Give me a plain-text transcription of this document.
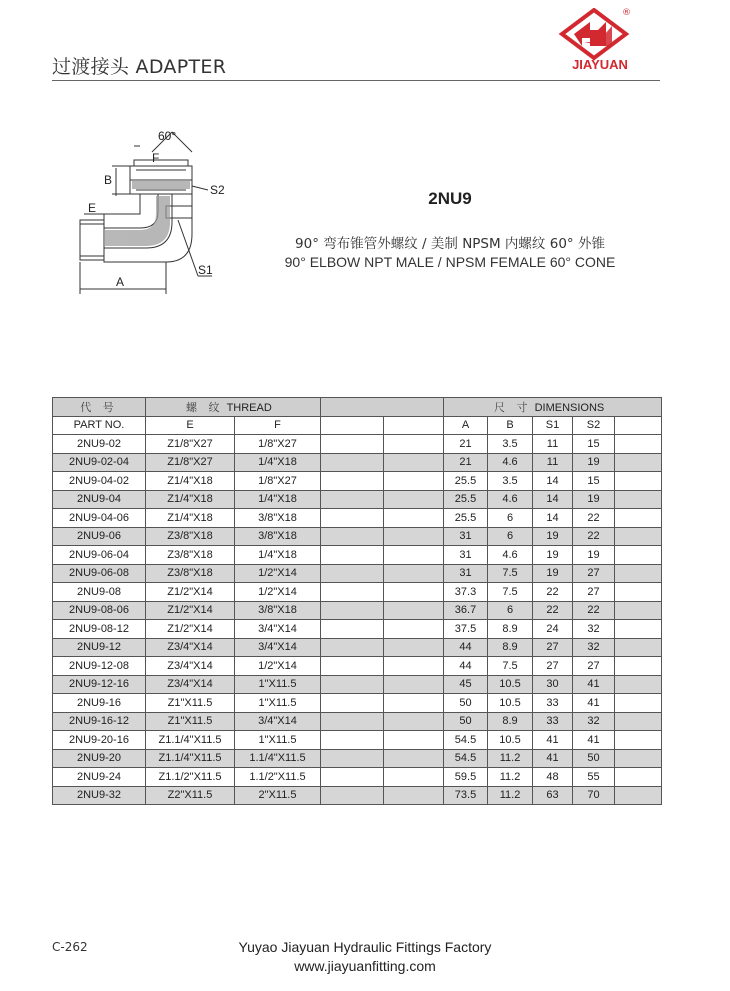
过渡接头 ADAPTER
®
JIAYUAN
60°
F
B
S2
E
A
S1
2NU9
90° 弯布锥管外螺纹 / 美制 NPSM 内螺纹 60° 外锥
90° ELBOW NPT MALE / NPSM FEMALE 60° CONE
代 号	螺 纹 THREAD				尺 寸 DIMENSIONS				
PART NO.	E	F			A	B	S1	S2	
2NU9-02	Z1/8"X27	1/8"X27			21	3.5	11	15	
2NU9-02-04	Z1/8"X27	1/4"X18			21	4.6	11	19	
2NU9-04-02	Z1/4"X18	1/8"X27			25.5	3.5	14	15	
2NU9-04	Z1/4"X18	1/4"X18			25.5	4.6	14	19	
2NU9-04-06	Z1/4"X18	3/8"X18			25.5	6	14	22	
2NU9-06	Z3/8"X18	3/8"X18			31	6	19	22	
2NU9-06-04	Z3/8"X18	1/4"X18			31	4.6	19	19	
2NU9-06-08	Z3/8"X18	1/2"X14			31	7.5	19	27	
2NU9-08	Z1/2"X14	1/2"X14			37.3	7.5	22	27	
2NU9-08-06	Z1/2"X14	3/8"X18			36.7	6	22	22	
2NU9-08-12	Z1/2"X14	3/4"X14			37.5	8.9	24	32	
2NU9-12	Z3/4"X14	3/4"X14			44	8.9	27	32	
2NU9-12-08	Z3/4"X14	1/2"X14			44	7.5	27	27	
2NU9-12-16	Z3/4"X14	1"X11.5			45	10.5	30	41	
2NU9-16	Z1"X11.5	1"X11.5			50	10.5	33	41	
2NU9-16-12	Z1"X11.5	3/4"X14			50	8.9	33	32	
2NU9-20-16	Z1.1/4"X11.5	1"X11.5			54.5	10.5	41	41	
2NU9-20	Z1.1/4"X11.5	1.1/4"X11.5			54.5	11.2	41	50	
2NU9-24	Z1.1/2"X11.5	1.1/2"X11.5			59.5	11.2	48	55	
2NU9-32	Z2"X11.5	2"X11.5			73.5	11.2	63	70	
C-262	Yuyao Jiayuan Hydraulic Fittings Factory
www.jiayuanfitting.com
